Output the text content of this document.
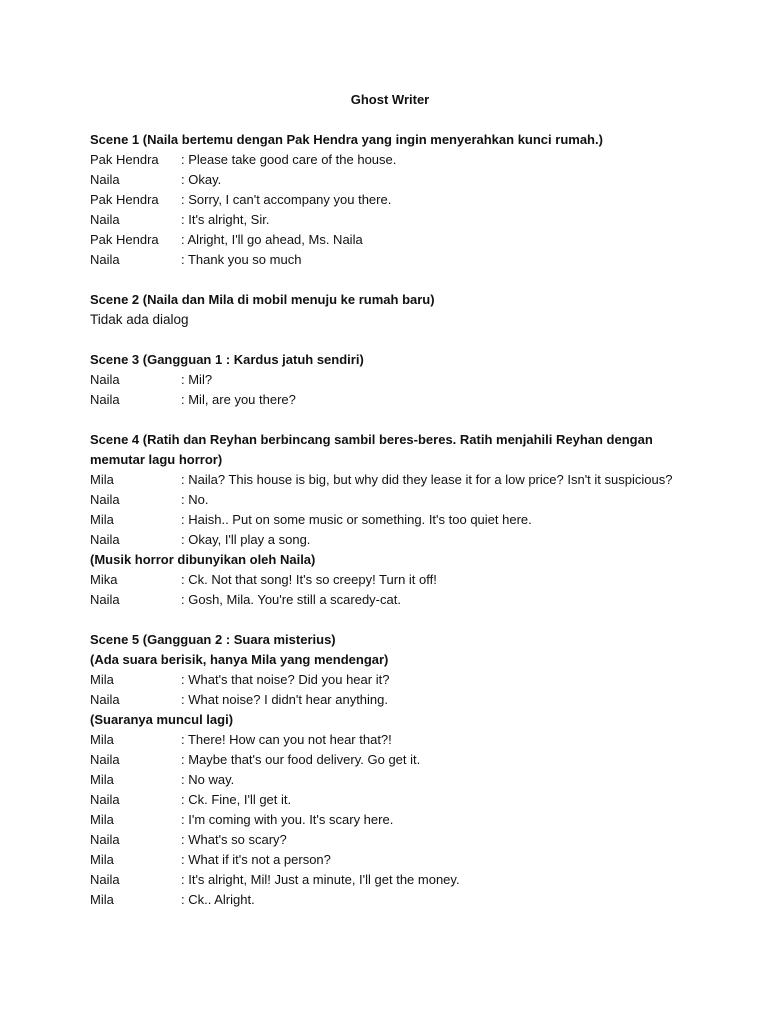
Ghost Writer
Scene 1 (Naila bertemu dengan Pak Hendra yang ingin menyerahkan kunci rumah.)
Pak Hendra	: Please take good care of the house.
Naila	: Okay.
Pak Hendra	: Sorry, I can't accompany you there.
Naila	: It's alright, Sir.
Pak Hendra	: Alright, I'll go ahead, Ms. Naila
Naila	: Thank you so much
Scene 2 (Naila dan Mila di mobil menuju ke rumah baru)
Tidak ada dialog
Scene 3 (Gangguan 1 : Kardus jatuh sendiri)
Naila	: Mil?
Naila	: Mil, are you there?
Scene 4 (Ratih dan Reyhan berbincang sambil beres-beres. Ratih menjahili Reyhan dengan memutar lagu horror)
Mila	: Naila? This house is big, but why did they lease it for a low price? Isn't it suspicious?
Naila	: No.
Mila	: Haish.. Put on some music or something. It's too quiet here.
Naila	: Okay, I'll play a song.
(Musik horror dibunyikan oleh Naila)
Mika	: Ck. Not that song! It's so creepy! Turn it off!
Naila	: Gosh, Mila. You're still a scaredy-cat.
Scene 5 (Gangguan 2 : Suara misterius)
(Ada suara berisik, hanya Mila yang mendengar)
Mila	: What's that noise? Did you hear it?
Naila	: What noise? I didn't hear anything.
(Suaranya muncul lagi)
Mila	: There! How can you not hear that?!
Naila	: Maybe that's our food delivery. Go get it.
Mila	: No way.
Naila	: Ck. Fine, I'll get it.
Mila	: I'm coming with you. It's scary here.
Naila	: What's so scary?
Mila	: What if it's not a person?
Naila	: It's alright, Mil! Just a minute, I'll get the money.
Mila	: Ck.. Alright.
